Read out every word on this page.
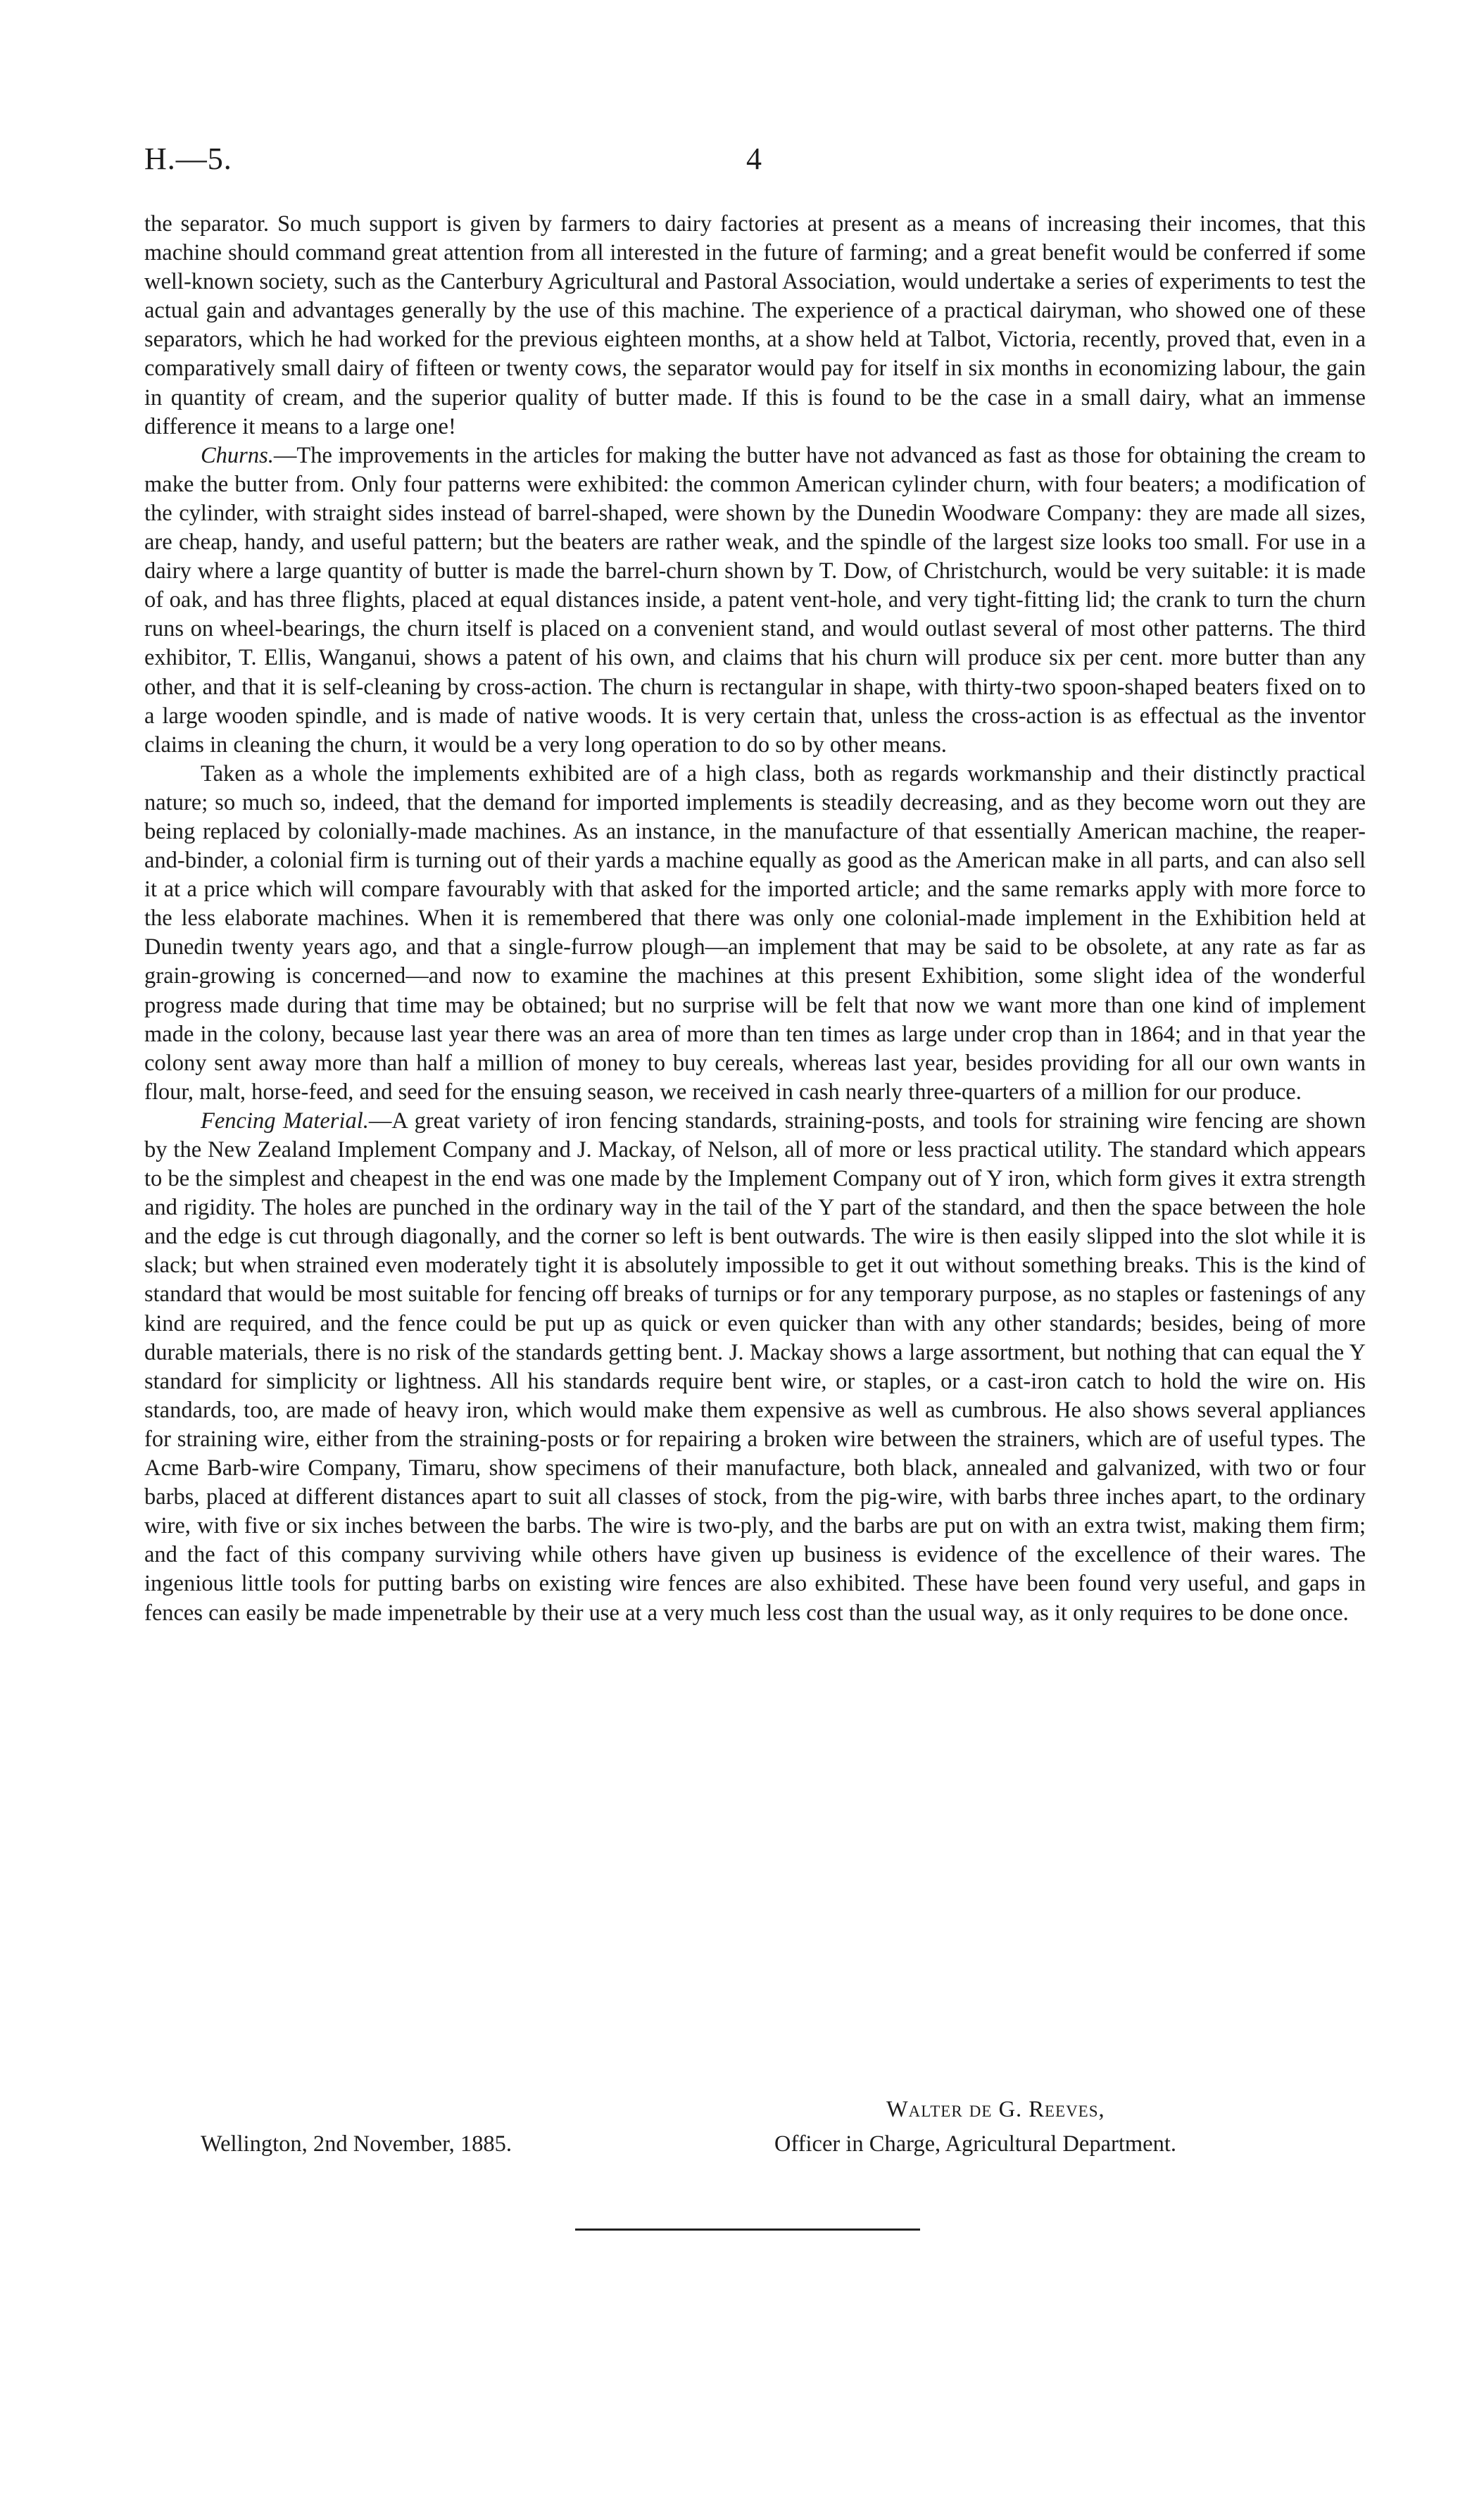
H.—5.	4

the separator. So much support is given by farmers to dairy factories at present as a means of increasing their incomes, that this machine should command great attention from all interested in the future of farming; and a great benefit would be conferred if some well-known society, such as the Canterbury Agricultural and Pastoral Association, would undertake a series of experiments to test the actual gain and advantages generally by the use of this machine. The experience of a practical dairyman, who showed one of these separators, which he had worked for the previous eighteen months, at a show held at Talbot, Victoria, recently, proved that, even in a comparatively small dairy of fifteen or twenty cows, the separator would pay for itself in six months in economizing labour, the gain in quantity of cream, and the superior quality of butter made. If this is found to be the case in a small dairy, what an immense difference it means to a large one!

Churns.—The improvements in the articles for making the butter have not advanced as fast as those for obtaining the cream to make the butter from. Only four patterns were exhibited: the common American cylinder churn, with four beaters; a modification of the cylinder, with straight sides instead of barrel-shaped, were shown by the Dunedin Woodware Company: they are made all sizes, are cheap, handy, and useful pattern; but the beaters are rather weak, and the spindle of the largest size looks too small. For use in a dairy where a large quantity of butter is made the barrel-churn shown by T. Dow, of Christchurch, would be very suitable: it is made of oak, and has three flights, placed at equal distances inside, a patent vent-hole, and very tight-fitting lid; the crank to turn the churn runs on wheel-bearings, the churn itself is placed on a convenient stand, and would outlast several of most other patterns. The third exhibitor, T. Ellis, Wanganui, shows a patent of his own, and claims that his churn will produce six per cent. more butter than any other, and that it is self-cleaning by cross-action. The churn is rectangular in shape, with thirty-two spoon-shaped beaters fixed on to a large wooden spindle, and is made of native woods. It is very certain that, unless the cross-action is as effectual as the inventor claims in cleaning the churn, it would be a very long operation to do so by other means.

Taken as a whole the implements exhibited are of a high class, both as regards workmanship and their distinctly practical nature; so much so, indeed, that the demand for imported implements is steadily decreasing, and as they become worn out they are being replaced by colonially-made machines. As an instance, in the manufacture of that essentially American machine, the reaper-and-binder, a colonial firm is turning out of their yards a machine equally as good as the American make in all parts, and can also sell it at a price which will compare favourably with that asked for the imported article; and the same remarks apply with more force to the less elaborate machines. When it is remembered that there was only one colonial-made implement in the Exhibition held at Dunedin twenty years ago, and that a single-furrow plough—an implement that may be said to be obsolete, at any rate as far as grain-growing is concerned—and now to examine the machines at this present Exhibition, some slight idea of the wonderful progress made during that time may be obtained; but no surprise will be felt that now we want more than one kind of implement made in the colony, because last year there was an area of more than ten times as large under crop than in 1864; and in that year the colony sent away more than half a million of money to buy cereals, whereas last year, besides providing for all our own wants in flour, malt, horse-feed, and seed for the ensuing season, we received in cash nearly three-quarters of a million for our produce.

Fencing Material.—A great variety of iron fencing standards, straining-posts, and tools for straining wire fencing are shown by the New Zealand Implement Company and J. Mackay, of Nelson, all of more or less practical utility. The standard which appears to be the simplest and cheapest in the end was one made by the Implement Company out of Y iron, which form gives it extra strength and rigidity. The holes are punched in the ordinary way in the tail of the Y part of the standard, and then the space between the hole and the edge is cut through diagonally, and the corner so left is bent outwards. The wire is then easily slipped into the slot while it is slack; but when strained even moderately tight it is absolutely impossible to get it out without something breaks. This is the kind of standard that would be most suitable for fencing off breaks of turnips or for any temporary purpose, as no staples or fastenings of any kind are required, and the fence could be put up as quick or even quicker than with any other standards; besides, being of more durable materials, there is no risk of the standards getting bent. J. Mackay shows a large assortment, but nothing that can equal the Y standard for simplicity or lightness. All his standards require bent wire, or staples, or a cast-iron catch to hold the wire on. His standards, too, are made of heavy iron, which would make them expensive as well as cumbrous. He also shows several appliances for straining wire, either from the straining-posts or for repairing a broken wire between the strainers, which are of useful types. The Acme Barb-wire Company, Timaru, show specimens of their manufacture, both black, annealed and galvanized, with two or four barbs, placed at different distances apart to suit all classes of stock, from the pig-wire, with barbs three inches apart, to the ordinary wire, with five or six inches between the barbs. The wire is two-ply, and the barbs are put on with an extra twist, making them firm; and the fact of this company surviving while others have given up business is evidence of the excellence of their wares. The ingenious little tools for putting barbs on existing wire fences are also exhibited. These have been found very useful, and gaps in fences can easily be made impenetrable by their use at a very much less cost than the usual way, as it only requires to be done once.

Walter de G. Reeves,
Wellington, 2nd November, 1885.	Officer in Charge, Agricultural Department.
